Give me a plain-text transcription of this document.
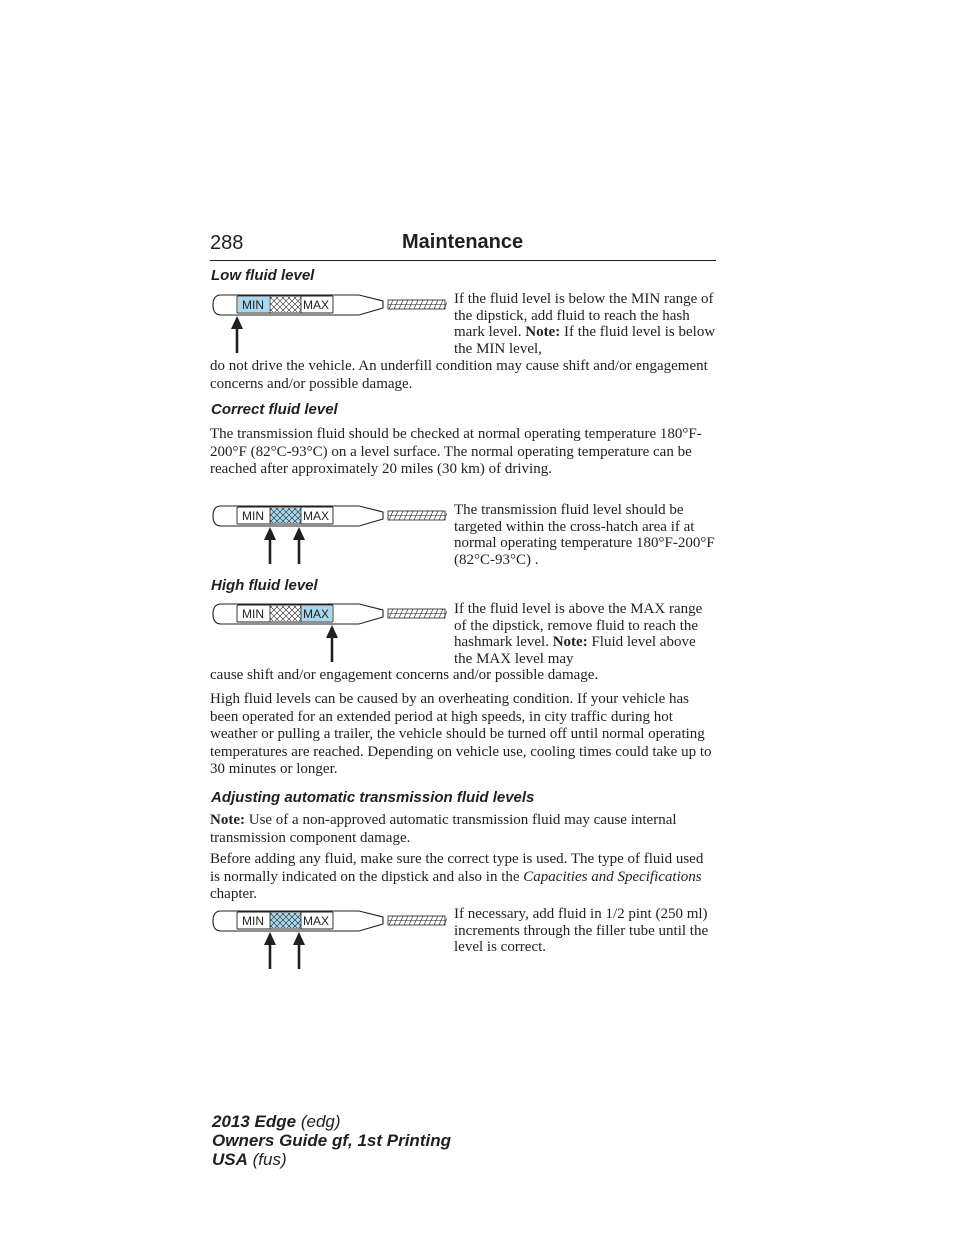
288	Maintenance
Low fluid level
MIN	MAX	If the fluid level is below the MIN range of the dipstick, add fluid to reach the hash mark level. Note: If the fluid level is below the MIN level,

do not drive the vehicle. An underfill condition may cause shift and/or engagement concerns and/or possible damage.

Correct fluid level

The transmission fluid should be checked at normal operating temperature 180°F-200°F (82°C-93°C) on a level surface. The normal operating temperature can be reached after approximately 20 miles (30 km) of driving.

MIN	MAX	The transmission fluid level should be targeted within the cross-hatch area if at normal operating temperature 180°F-200°F (82°C-93°C) .

High fluid level
MIN	MAX	If the fluid level is above the MAX range of the dipstick, remove fluid to reach the hashmark level. Note: Fluid level above the MAX level may

cause shift and/or engagement concerns and/or possible damage.

High fluid levels can be caused by an overheating condition. If your vehicle has been operated for an extended period at high speeds, in city traffic during hot weather or pulling a trailer, the vehicle should be turned off until normal operating temperatures are reached. Depending on vehicle use, cooling times could take up to 30 minutes or longer.

Adjusting automatic transmission fluid levels

Note: Use of a non-approved automatic transmission fluid may cause internal transmission component damage.

Before adding any fluid, make sure the correct type is used. The type of fluid used is normally indicated on the dipstick and also in the Capacities and Specifications chapter.

MIN	MAX	If necessary, add fluid in 1/2 pint (250 ml) increments through the filler tube until the level is correct.

2013 Edge (edg)
Owners Guide gf, 1st Printing
USA (fus)
